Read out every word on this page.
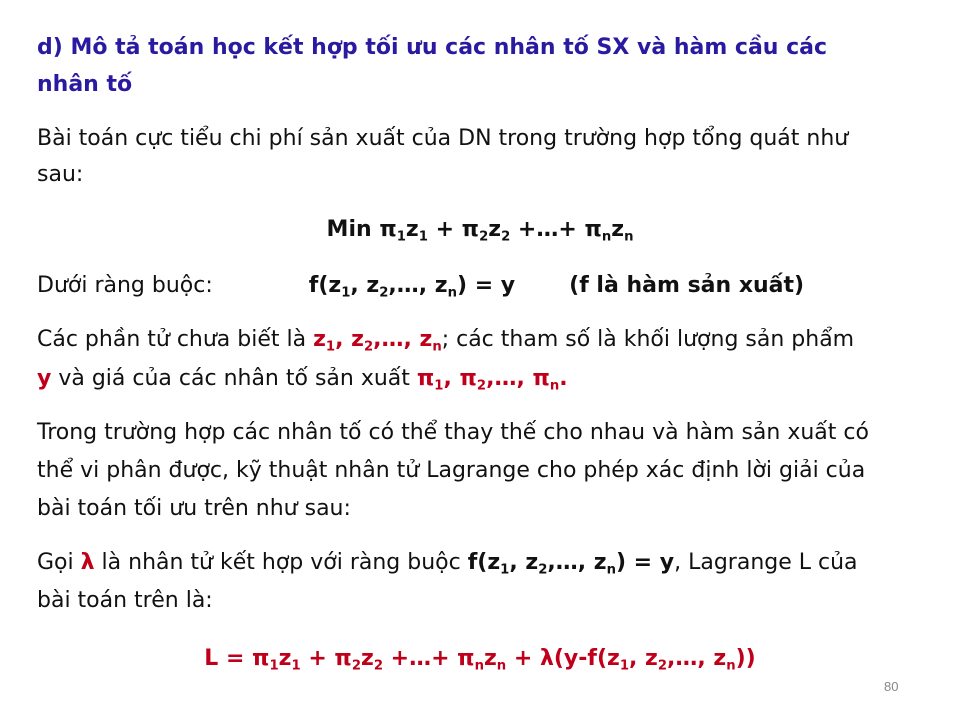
d) Mô tả toán học kết hợp tối ưu các nhân tố SX và hàm cầu các
nhân tố
Bài toán cực tiểu chi phí sản xuất của DN trong trường hợp tổng quát như
sau:
Min $\pi_1z_1 + \pi_2z_2$ +…+ $\pi_nz_n$
Dưới ràng buộc:	$f(z_1$, $z_2,\dots$, $z_n) = y$ (f là hàm sản xuất)
Các phần tử chưa biết là $z_1$, $z_2,\dots$, $z_n$; các tham số là khối lượng sản phẩm
y và giá của các nhân tố sản xuất $\pi_1$, $\pi_2,\dots$, $\pi_n$.
Trong trường hợp các nhân tố có thể thay thế cho nhau và hàm sản xuất có
thể vi phân được, kỹ thuật nhân tử Lagrange cho phép xác định lời giải của
bài toán tối ưu trên như sau:
Gọi λ là nhân tử kết hợp với ràng buộc $f(z_1$, $z_2,\dots$, $z_n) = y$, Lagrange L của
bài toán trên là:
$L = \pi_1z_1 + \pi_2z_2$ +…+ $\pi_nz_n + \lambda(y-f(z_1$, $z_2,\dots$, $z_n$))
80
